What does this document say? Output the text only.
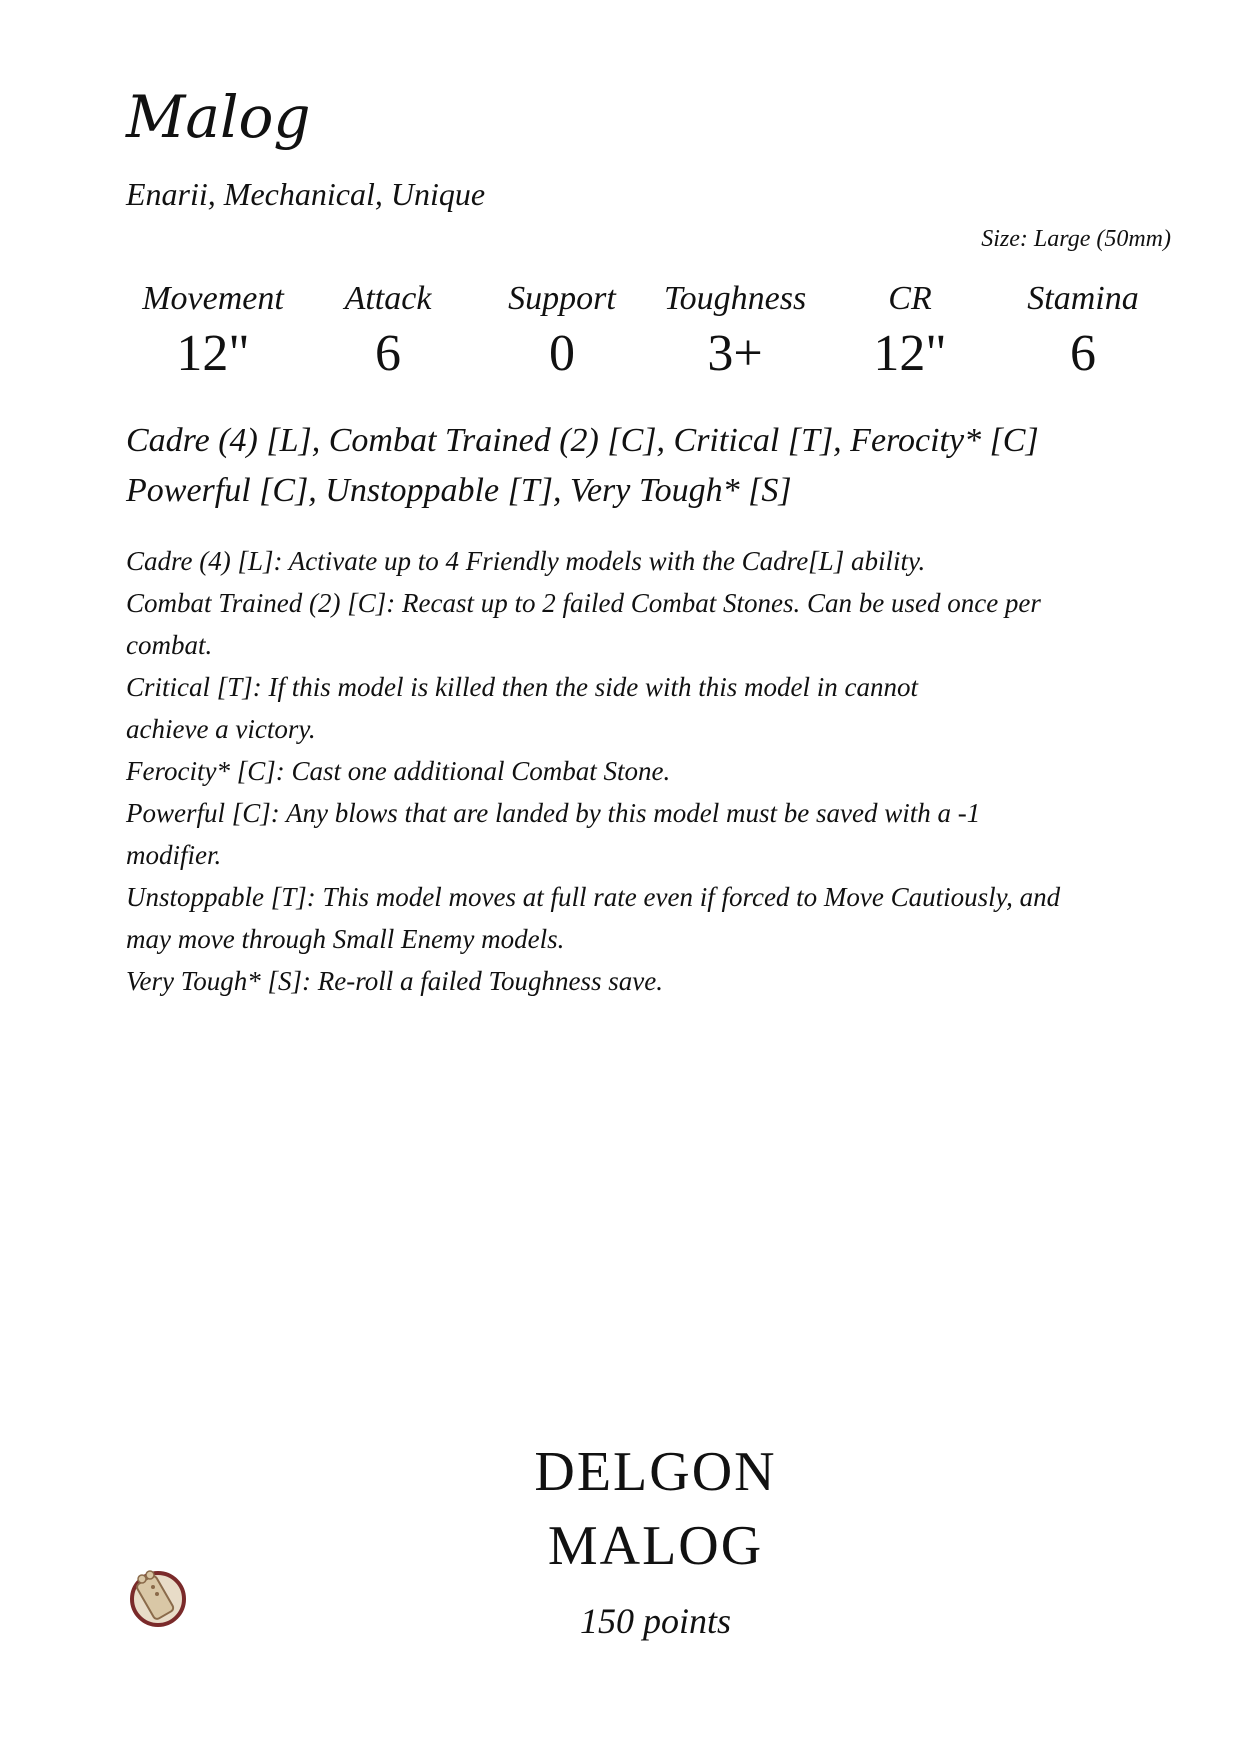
Malog
Enarii, Mechanical, Unique
Size: Large (50mm)
Movement
12"
Attack
6
Support
0
Toughness
3+
CR
12"
Stamina
6
Cadre (4) [L], Combat Trained (2) [C], Critical [T], Ferocity* [C]
Powerful [C], Unstoppable [T], Very Tough* [S]

Cadre (4) [L]: Activate up to 4 Friendly models with the Cadre[L] ability.

Combat Trained (2) [C]: Recast up to 2 failed Combat Stones. Can be used once per combat.

Critical [T]: If this model is killed then the side with this model in cannot achieve a victory.

Ferocity* [C]: Cast one additional Combat Stone.

Powerful [C]: Any blows that are landed by this model must be saved with a -1 modifier.

Unstoppable [T]: This model moves at full rate even if forced to Move Cautiously, and may move through Small Enemy models.

Very Tough* [S]: Re-roll a failed Toughness save.

DELGON
MALOG
150 points
